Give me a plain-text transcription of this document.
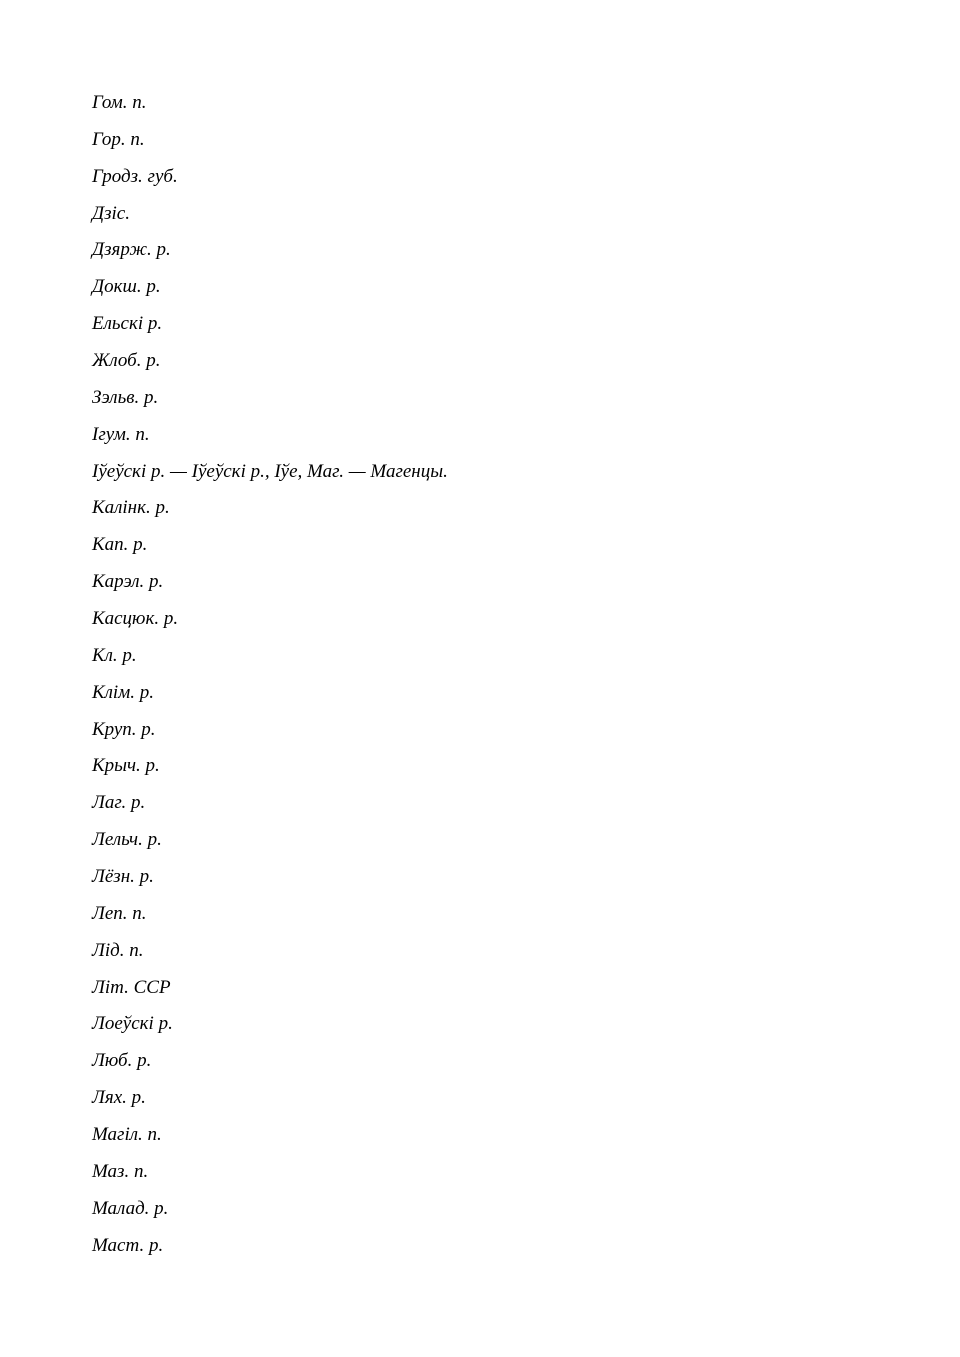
Гом. п.
Гор. п.
Гродз. губ.
Дзіс.
Дзярж. р.
Докш. р.
Ельскі р.
Жлоб. р.
Зэльв. р.
Ігум. п.
Іўеўскі р. — Іўеўскі р., Іўе, Маг. — Магенцы.
Калінк. р.
Кап. р.
Карэл. р.
Касцюк. р.
Кл. р.
Клім. р.
Круп. р.
Крыч. р.
Лаг. р.
Лельч. р.
Лёзн. р.
Леп. п.
Лід. п.
Літ. ССР
Лоеўскі р.
Люб. р.
Лях. р.
Магіл. п.
Маз. п.
Малад. р.
Маст. р.
